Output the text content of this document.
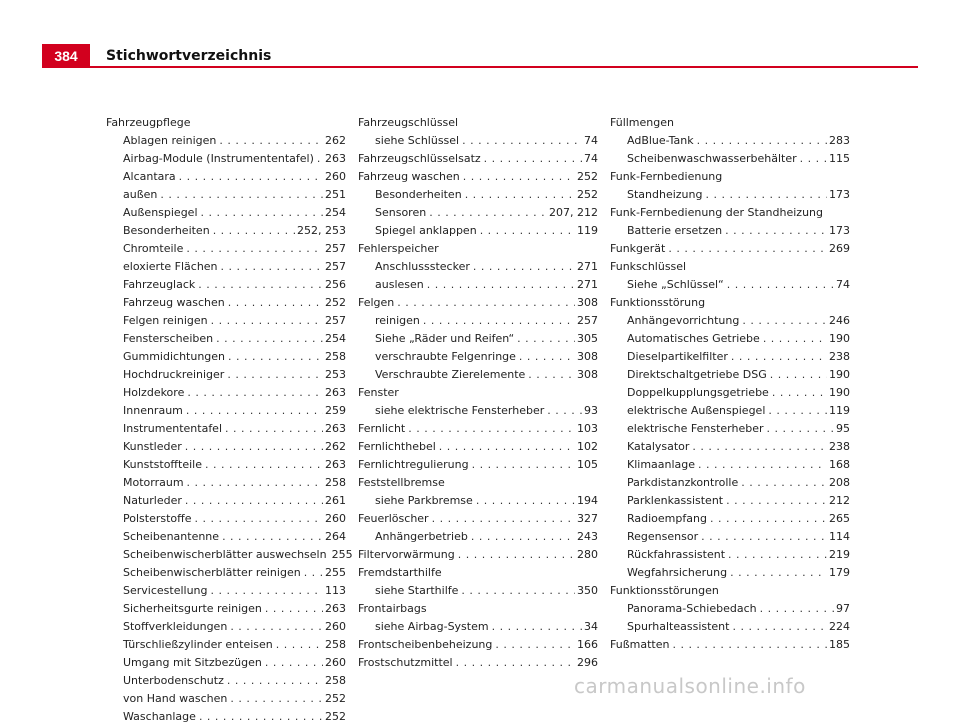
384	Stichwortverzeichnis
Fahrzeugpflege
Ablagen reinigen . . .	262
Airbag-Module (Instrumententafel) . . . 263
Alcantara . . .	260
außen . . .	251
Außenspiegel . . .	254
Besonderheiten . . .	252, 253
Chromteile . . .	257
eloxierte Flächen . . .	257
Fahrzeuglack . . .	256
Fahrzeug waschen . . .	252
Felgen reinigen . . .	257
Fensterscheiben . . .	254
Gummidichtungen . . .	258
Hochdruckreiniger . . .	253
Holzdekore . . .	263
Innenraum . . .	259
Instrumententafel . . .	263
Kunstleder . . .	262
Kunststoffteile . . .	263
Motorraum . . .	258
Naturleder . . .	261
Polsterstoffe . . .	260
Scheibenantenne . . .	264
Scheibenwischerblätter auswechseln 255
Scheibenwischerblätter reinigen . . . 255
Servicestellung . . .	113
Sicherheitsgurte reinigen . . .	263
Stoffverkleidungen . . .	260
Türschließzylinder enteisen . . .	258
Umgang mit Sitzbezügen . . .	260
Unterbodenschutz . . .	258
von Hand waschen . . .	252
Waschanlage . . .	252
Fahrzeugschlüssel
siehe Schlüssel . . .	74
Fahrzeugschlüsselsatz . . .	74
Fahrzeug waschen . . .	252
Besonderheiten . . .	252
Sensoren . . .	207, 212
Spiegel anklappen . . .	119
Fehlerspeicher
Anschlussstecker . . .	271
auslesen . . .	271
Felgen . . .	308
reinigen . . .	257
Siehe „Räder und Reifen“ . . .	305
verschraubte Felgenringe . . .	308
Verschraubte Zierelemente . . .	308
Fenster
siehe elektrische Fensterheber . . .	93
Fernlicht . . .	103
Fernlichthebel . . .	102
Fernlichtregulierung . . .	105
Feststellbremse
siehe Parkbremse . . .	194
Feuerlöscher . . .	327
Anhängerbetrieb . . .	243
Filtervorwärmung . . .	280
Fremdstarthilfe
siehe Starthilfe . . .	350
Frontairbags
siehe Airbag-System . . .	34
Frontscheibenbeheizung . . .	166
Frostschutzmittel . . .	296
Füllmengen
AdBlue-Tank . . .	283
Scheibenwaschwasserbehälter . . .	115
Funk-Fernbedienung
Standheizung . . .	173
Funk-Fernbedienung der Standheizung
Batterie ersetzen . . .	173
Funkgerät . . .	269
Funkschlüssel
Siehe „Schlüssel“ . . .	74
Funktionsstörung
Anhängevorrichtung . . .	246
Automatisches Getriebe . . .	190
Dieselpartikelfilter . . .	238
Direktschaltgetriebe DSG . . .	190
Doppelkupplungsgetriebe . . .	190
elektrische Außenspiegel . . .	119
elektrische Fensterheber . . .	95
Katalysator . . .	238
Klimaanlage . . .	168
Parkdistanzkontrolle . . .	208
Parklenkassistent . . .	212
Radioempfang . . .	265
Regensensor . . .	114
Rückfahrassistent . . .	219
Wegfahrsicherung . . .	179
Funktionsstörungen
Panorama-Schiebedach . . .	97
Spurhalteassistent . . .	224
Fußmatten . . .	185
carmanualsonline.info
